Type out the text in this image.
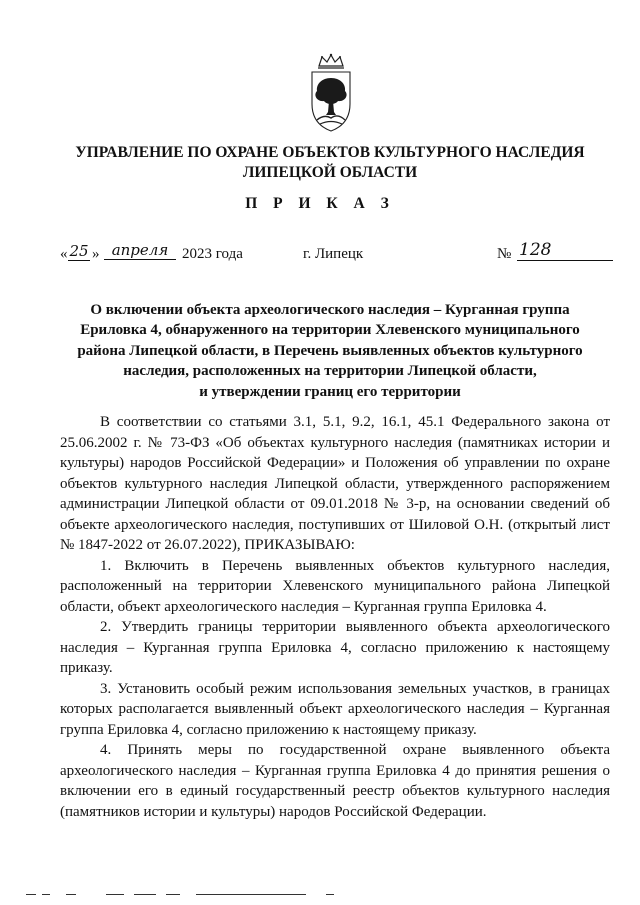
УПРАВЛЕНИЕ ПО ОХРАНЕ ОБЪЕКТОВ КУЛЬТУРНОГО НАСЛЕДИЯ
ЛИПЕЦКОЙ ОБЛАСТИ
П Р И К А З
« 25 » апреля 2023 года	г. Липецк	№ 128
О включении объекта археологического наследия – Курганная группа
Ериловка 4, обнаруженного на территории Хлевенского муниципального
района Липецкой области, в Перечень выявленных объектов культурного
наследия, расположенных на территории Липецкой области,
и утверждении границ его территории

В соответствии со статьями 3.1, 5.1, 9.2, 16.1, 45.1 Федерального закона от 25.06.2002 г. № 73-ФЗ «Об объектах культурного наследия (памятниках истории и культуры) народов Российской Федерации» и Положения об управлении по охране объектов культурного наследия Липецкой области, утвержденного распоряжением администрации Липецкой области от 09.01.2018 № 3-р, на основании сведений об объекте археологического наследия, поступивших от Шиловой О.Н. (открытый лист № 1847-2022 от 26.07.2022), ПРИКАЗЫВАЮ:

1. Включить в Перечень выявленных объектов культурного наследия, расположенный на территории Хлевенского муниципального района Липецкой области, объект археологического наследия – Курганная группа Ериловка 4.

2. Утвердить границы территории выявленного объекта археологического наследия – Курганная группа Ериловка 4, согласно приложению к настоящему приказу.

3. Установить особый режим использования земельных участков, в границах которых располагается выявленный объект археологического наследия – Курганная группа Ериловка 4, согласно приложению к настоящему приказу.

4. Принять меры по государственной охране выявленного объекта археологического наследия – Курганная группа Ериловка 4 до принятия решения о включении его в единый государственный реестр объектов культурного наследия (памятников истории и культуры) народов Российской Федерации.
